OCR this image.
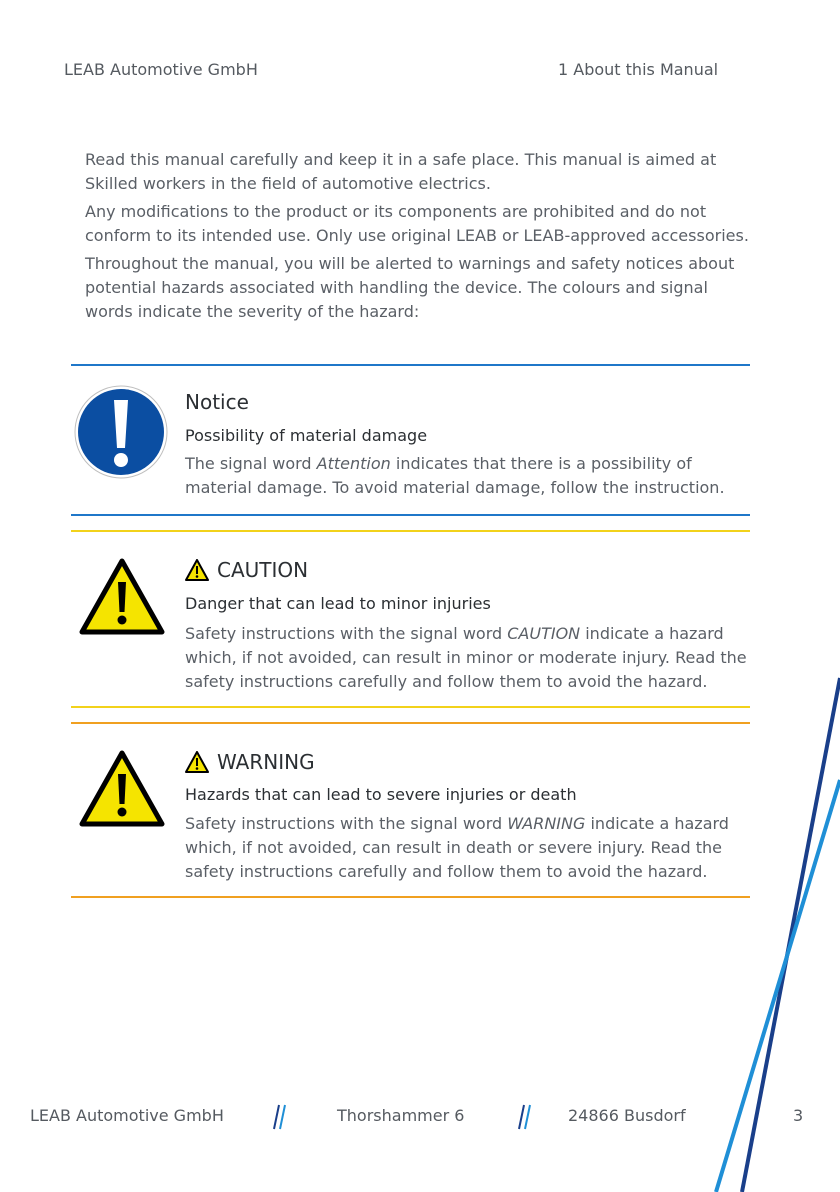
LEAB Automotive GmbH	1 About this Manual

Read this manual carefully and keep it in a safe place. This manual is aimed at Skilled workers in the field of automotive electrics.

Any modifications to the product or its components are prohibited and do not conform to its intended use. Only use original LEAB or LEAB-approved accessories.

Throughout the manual, you will be alerted to warnings and safety notices about potential hazards associated with handling the device. The colours and signal words indicate the severity of the hazard:

Notice
Possibility of material damage
The signal word Attention indicates that there is a possibility of material damage. To avoid material damage, follow the instruction.
CAUTION
Danger that can lead to minor injuries
Safety instructions with the signal word CAUTION indicate a hazard which, if not avoided, can result in minor or moderate injury. Read the safety instructions carefully and follow them to avoid the hazard.
WARNING
Hazards that can lead to severe injuries or death
Safety instructions with the signal word WARNING indicate a hazard which, if not avoided, can result in death or severe injury. Read the safety instructions carefully and follow them to avoid the hazard.
LEAB Automotive GmbH	Thorshammer 6	24866 Busdorf	3
